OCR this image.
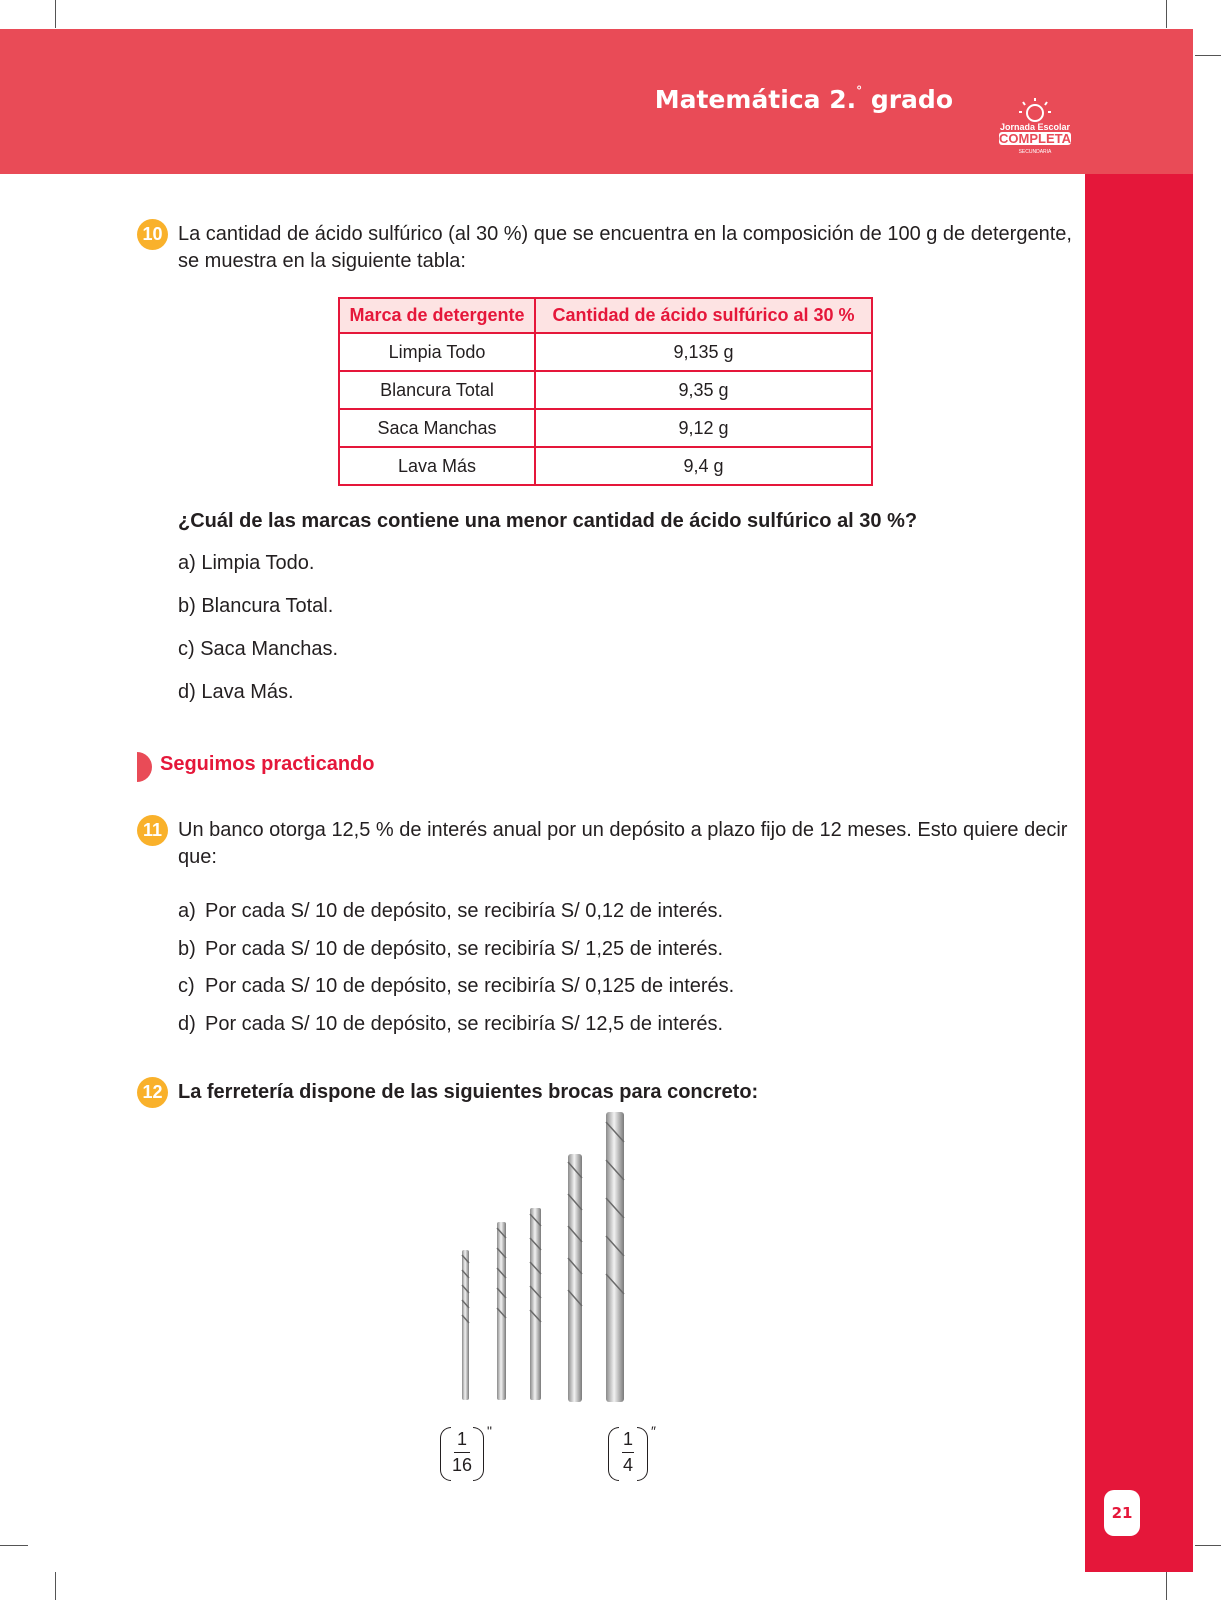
Matemática 2.° grado
Jornada Escolar
COMPLETA
SECUNDARIA
21
10 La cantidad de ácido sulfúrico (al 30 %) que se encuentra en la composición de 100 g de detergente,
se muestra en la siguiente tabla:
Marca de detergente	Cantidad de ácido sulfúrico al 30 %
Limpia Todo	9,135 g
Blancura Total	9,35 g
Saca Manchas	9,12 g
Lava Más	9,4 g
¿Cuál de las marcas contiene una menor cantidad de ácido sulfúrico al 30 %?
a) Limpia Todo.
b) Blancura Total.
c) Saca Manchas.
d) Lava Más.
Seguimos practicando
11 Un banco otorga 12,5 % de interés anual por un depósito a plazo fijo de 12 meses. Esto quiere decir
que:
a) Por cada S/ 10 de depósito, se recibiría S/ 0,12 de interés.
b) Por cada S/ 10 de depósito, se recibiría S/ 1,25 de interés.
c) Por cada S/ 10 de depósito, se recibiría S/ 0,125 de interés.
d) Por cada S/ 10 de depósito, se recibiría S/ 12,5 de interés.
12 La ferretería dispone de las siguientes brocas para concreto:
1
16
"	1
4
″
